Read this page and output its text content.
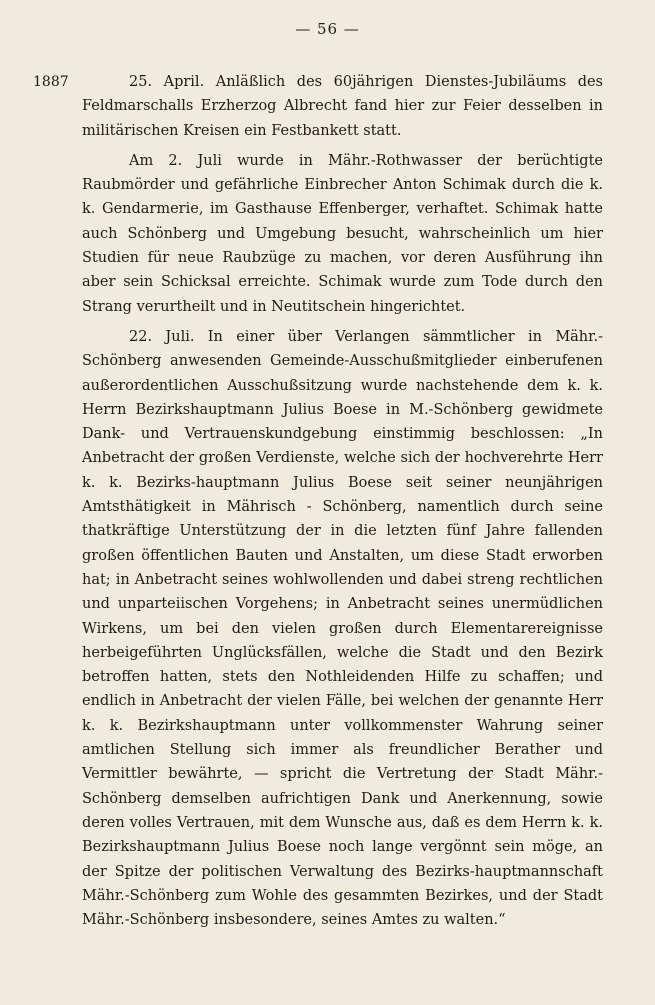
— 56 —
1887	25. April. Anläßlich des 60jährigen Dienstes-Jubiläums des Feldmarschalls Erzherzog Albrecht fand hier zur Feier desselben in militärischen Kreisen ein Festbankett statt.

Am 2. Juli wurde in Mähr.-Rothwasser der berüchtigte Raubmörder und gefährliche Einbrecher Anton Schimak durch die k. k. Gendarmerie, im Gasthause Effenberger, verhaftet. Schimak hatte auch Schönberg und Umgebung besucht, wahrscheinlich um hier Studien für neue Raubzüge zu machen, vor deren Ausführung ihn aber sein Schicksal erreichte. Schimak wurde zum Tode durch den Strang verurtheilt und in Neutitschein hingerichtet.

22. Juli. In einer über Verlangen sämmtlicher in Mähr.-Schönberg anwesenden Gemeinde-Ausschußmitglieder einberufenen außerordentlichen Ausschußsitzung wurde nachstehende dem k. k. Herrn Bezirkshauptmann Julius Boese in M.-Schönberg gewidmete Dank- und Vertrauenskundgebung einstimmig beschlossen: „In Anbetracht der großen Verdienste, welche sich der hochverehrte Herr k. k. Bezirks-hauptmann Julius Boese seit seiner neunjährigen Amtsthätigkeit in Mährisch - Schönberg, namentlich durch seine thatkräftige Unterstützung der in die letzten fünf Jahre fallenden großen öffentlichen Bauten und Anstalten, um diese Stadt erworben hat; in Anbetracht seines wohlwollenden und dabei streng rechtlichen und unparteiischen Vorgehens; in Anbetracht seines unermüdlichen Wirkens, um bei den vielen großen durch Elementarereignisse herbeigeführten Unglücksfällen, welche die Stadt und den Bezirk betroffen hatten, stets den Nothleidenden Hilfe zu schaffen; und endlich in Anbetracht der vielen Fälle, bei welchen der genannte Herr k. k. Bezirkshauptmann unter vollkommenster Wahrung seiner amtlichen Stellung sich immer als freundlicher Berather und Vermittler bewährte, — spricht die Vertretung der Stadt Mähr.-Schönberg demselben aufrichtigen Dank und Anerkennung, sowie deren volles Vertrauen, mit dem Wunsche aus, daß es dem Herrn k. k. Bezirkshauptmann Julius Boese noch lange vergönnt sein möge, an der Spitze der politischen Verwaltung des Bezirks-hauptmannschaft Mähr.-Schönberg zum Wohle des gesammten Bezirkes, und der Stadt Mähr.-Schönberg insbesondere, seines Amtes zu walten.“
